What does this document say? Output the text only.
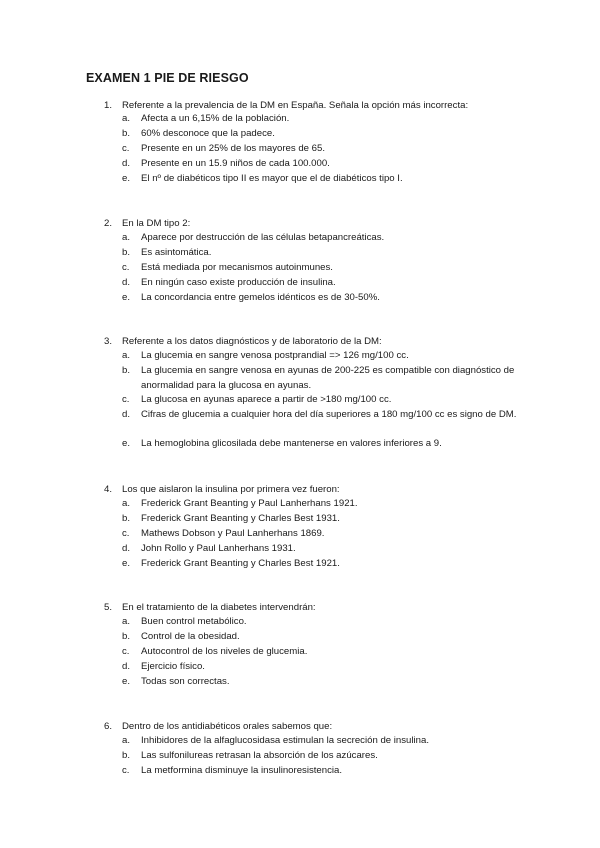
EXAMEN 1 PIE DE RIESGO
1. Referente a la prevalencia de la DM en España. Señala la opción más incorrecta:
a. Afecta a un 6,15% de la población.
b. 60% desconoce que la padece.
c. Presente en un 25% de los mayores de 65.
d. Presente en un 15.9 niños de cada 100.000.
e. El nº de diabéticos tipo II es mayor que el de diabéticos tipo I.
2. En la DM tipo 2:
a. Aparece por destrucción de las células betapancreáticas.
b. Es asintomática.
c. Está mediada por mecanismos autoinmunes.
d. En ningún caso existe producción de insulina.
e. La concordancia entre gemelos idénticos es de 30-50%.
3. Referente a los datos diagnósticos y de laboratorio de la DM:
a. La glucemia en sangre venosa postprandial => 126 mg/100 cc.
b. La glucemia en sangre venosa en ayunas de 200-225 es compatible con diagnóstico de anormalidad para la glucosa en ayunas.
c. La glucosa en ayunas aparece a partir de >180 mg/100 cc.
d. Cifras de glucemia a cualquier hora del día superiores a 180 mg/100 cc es signo de DM.
e. La hemoglobina glicosilada debe mantenerse en valores inferiores a 9.
4. Los que aislaron la insulina por primera vez fueron:
a. Frederick Grant Beanting y Paul Lanherhans 1921.
b. Frederick Grant Beanting y Charles Best 1931.
c. Mathews Dobson y Paul Lanherhans 1869.
d. John Rollo y Paul Lanherhans 1931.
e. Frederick Grant Beanting y Charles Best 1921.
5. En el tratamiento de la diabetes intervendrán:
a. Buen control metabólico.
b. Control de la obesidad.
c. Autocontrol de los niveles de glucemia.
d. Ejercicio físico.
e. Todas son correctas.
6. Dentro de los antidiabéticos orales sabemos que:
a. Inhibidores de la alfaglucosidasa estimulan la secreción de insulina.
b. Las sulfonilureas retrasan la absorción de los azúcares.
c. La metformina disminuye la insulinoresistencia.
